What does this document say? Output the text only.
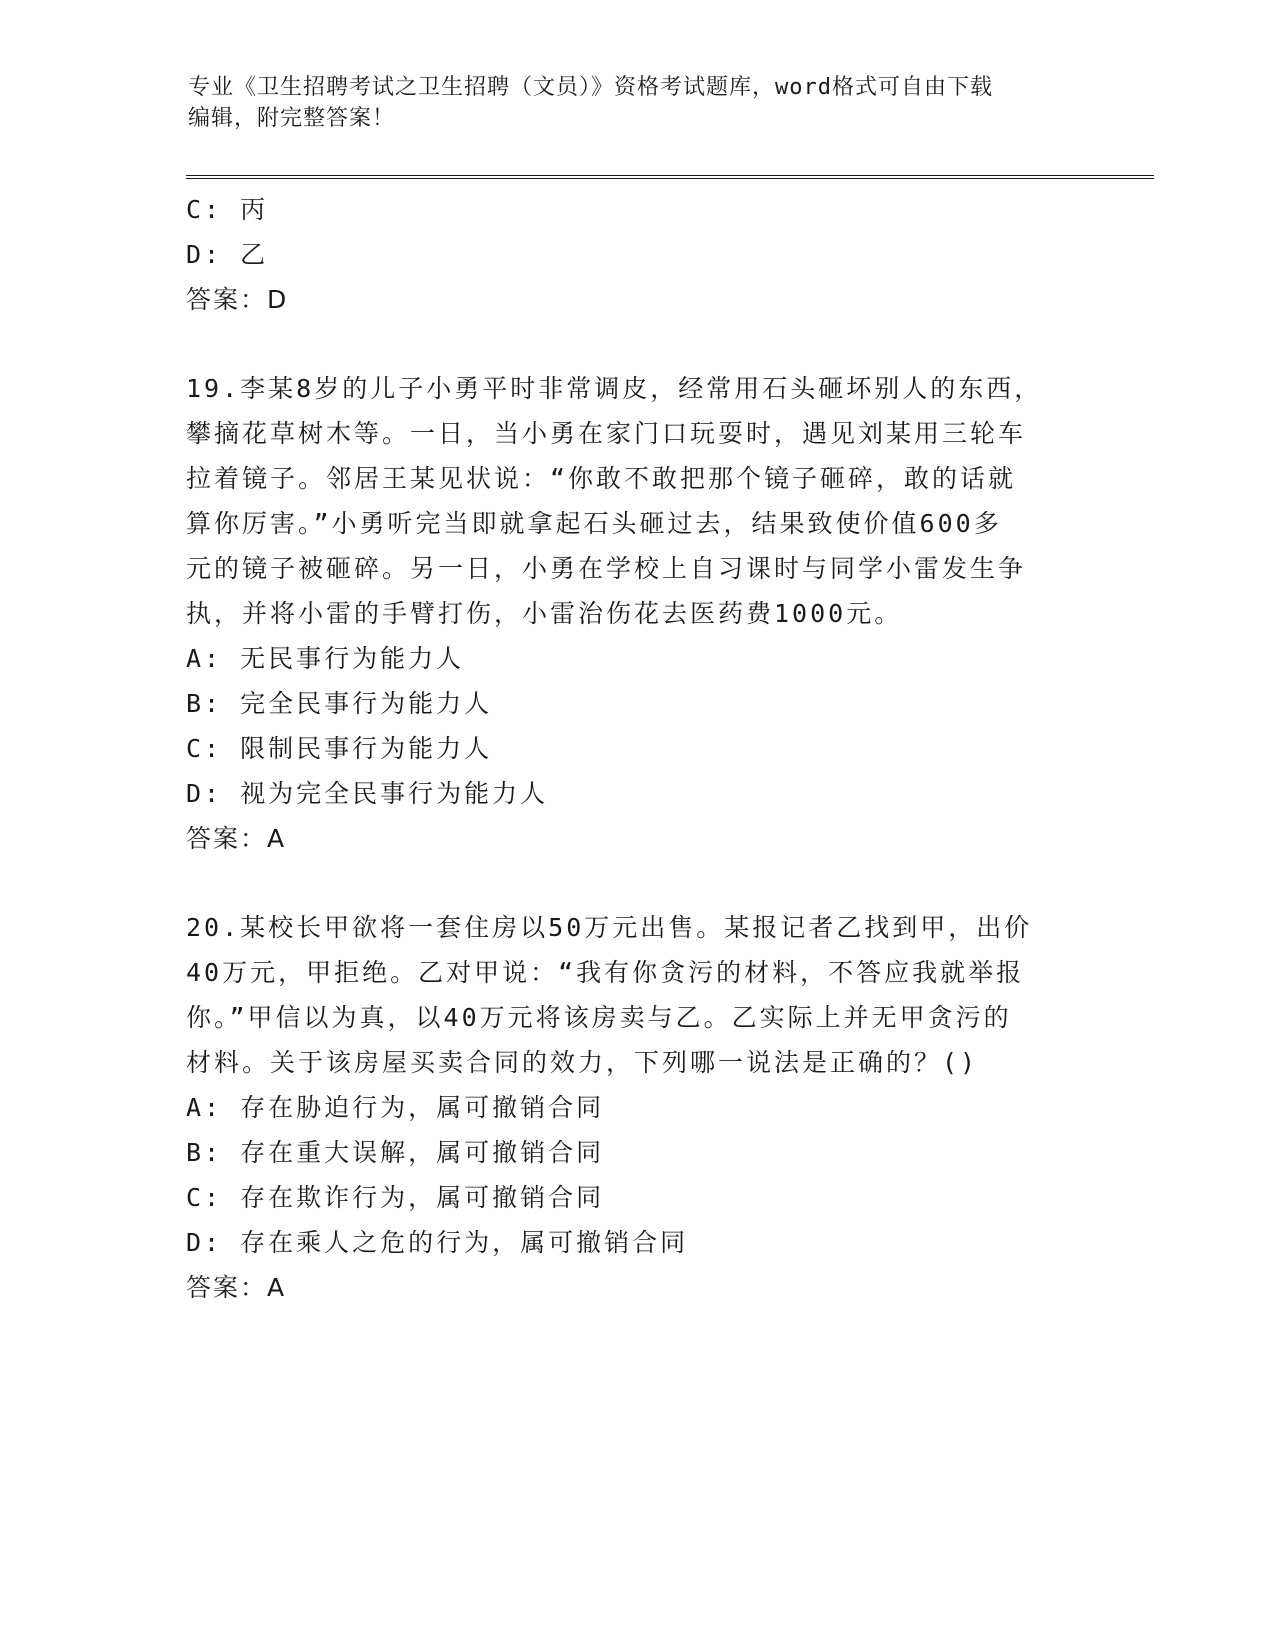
专业《卫生招聘考试之卫生招聘（文员）》资格考试题库，word格式可自由下载
编辑，附完整答案！
C: 丙
D: 乙
答案：D
19.李某8岁的儿子小勇平时非常调皮，经常用石头砸坏别人的东西，
攀摘花草树木等。一日，当小勇在家门口玩耍时，遇见刘某用三轮车
拉着镜子。邻居王某见状说：“你敢不敢把那个镜子砸碎，敢的话就
算你厉害。”小勇听完当即就拿起石头砸过去，结果致使价值600多
元的镜子被砸碎。另一日，小勇在学校上自习课时与同学小雷发生争
执，并将小雷的手臂打伤，小雷治伤花去医药费1000元。
A: 无民事行为能力人
B: 完全民事行为能力人
C: 限制民事行为能力人
D: 视为完全民事行为能力人
答案：A
20.某校长甲欲将一套住房以50万元出售。某报记者乙找到甲，出价
40万元，甲拒绝。乙对甲说：“我有你贪污的材料，不答应我就举报
你。”甲信以为真，以40万元将该房卖与乙。乙实际上并无甲贪污的
材料。关于该房屋买卖合同的效力，下列哪一说法是正确的？()
A: 存在胁迫行为，属可撤销合同
B: 存在重大误解，属可撤销合同
C: 存在欺诈行为，属可撤销合同
D: 存在乘人之危的行为，属可撤销合同
答案：A
